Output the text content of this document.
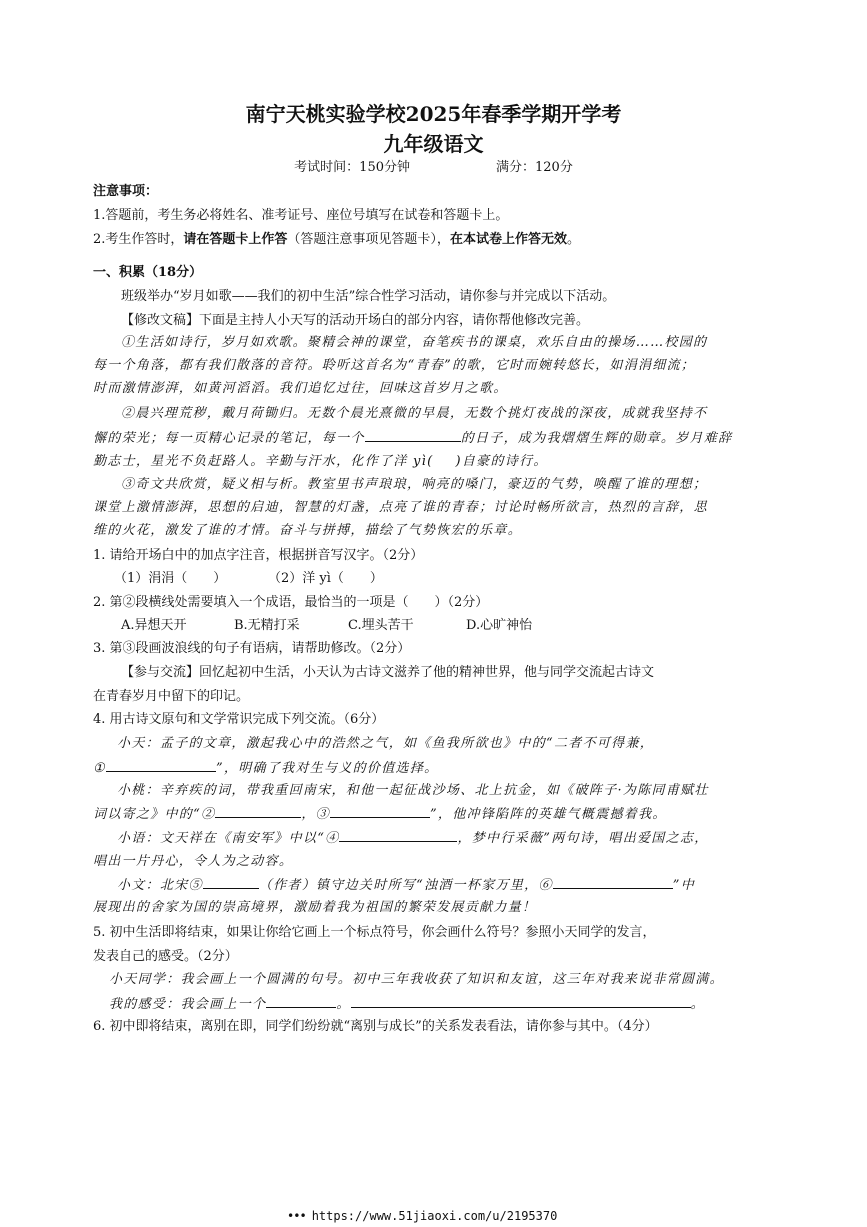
南宁天桃实验学校2025年春季学期开学考
九年级语文
考试时间：150分钟	满分：120分
注意事项：
1.答题前，考生务必将姓名、准考证号、座位号填写在试卷和答题卡上。
2.考生作答时，请在答题卡上作答（答题注意事项见答题卡），在本试卷上作答无效。
一、积累（18分）
班级举办“岁月如歌——我们的初中生活”综合性学习活动，请你参与并完成以下活动。
【修改文稿】下面是主持人小天写的活动开场白的部分内容，请你帮他修改完善。
①生活如诗行，岁月如欢歌。聚精会神的课堂，奋笔疾书的课桌，欢乐自由的操场……校园的
每一个角落，都有我们散落的音符。聆听这首名为“青春”的歌，它时而婉转悠长，如涓涓细流；
时而激情澎湃，如黄河滔滔。我们追忆过往，回味这首岁月之歌。
②晨兴理荒秽，戴月荷锄归。无数个晨光熹微的早晨，无数个挑灯夜战的深夜，成就我坚持不
懈的荣光；每一页精心记录的笔记，每一个	的日子，成为我熠熠生辉的勋章。岁月难辞
勤志士，星光不负赶路人。辛勤与汗水，化作了洋 yì( )自豪的诗行。
③奇文共欣赏，疑义相与析。教室里书声琅琅，响亮的嗓门，豪迈的气势，唤醒了谁的理想；
课堂上激情澎湃，思想的启迪，智慧的灯盏，点亮了谁的青春；讨论时畅所欲言，热烈的言辞，思
维的火花，激发了谁的才情。奋斗与拼搏，描绘了气势恢宏的乐章。
1. 请给开场白中的加点字注音，根据拼音写汉字。（2分）
（1）涓涓（　　）	（2）洋 yì（　　）
2. 第②段横线处需要填入一个成语，最恰当的一项是（　　）（2分）
A.异想天开	B.无精打采	C.埋头苦干	D.心旷神怡
3. 第③段画波浪线的句子有语病，请帮助修改。（2分）
【参与交流】回忆起初中生活，小天认为古诗文滋养了他的精神世界，他与同学交流起古诗文
在青春岁月中留下的印记。
4. 用古诗文原句和文学常识完成下列交流。（6分）
小天：孟子的文章，激起我心中的浩然之气，如《鱼我所欲也》中的“二者不可得兼，
①	”，明确了我对生与义的价值选择。
小桃：辛弃疾的词，带我重回南宋，和他一起征战沙场、北上抗金，如《破阵子·为陈同甫赋壮
词以寄之》中的“②	，③	”，他冲锋陷阵的英雄气概震撼着我。
小语：文天祥在《南安军》中以“④	，梦中行采薇”两句诗，唱出爱国之志，
唱出一片丹心，令人为之动容。
小文：北宋⑤	（作者）镇守边关时所写“浊酒一杯家万里，⑥	”中
展现出的舍家为国的崇高境界，激励着我为祖国的繁荣发展贡献力量！
5. 初中生活即将结束，如果让你给它画上一个标点符号，你会画什么符号？参照小天同学的发言，
发表自己的感受。（2分）
小天同学：我会画上一个圆满的句号。初中三年我收获了知识和友谊，这三年对我来说非常圆满。
我的感受：我会画上一个	。	。
6. 初中即将结束，离别在即，同学们纷纷就“离别与成长”的关系发表看法，请你参与其中。（4分）
••• https://www.51jiaoxi.com/u/2195370
